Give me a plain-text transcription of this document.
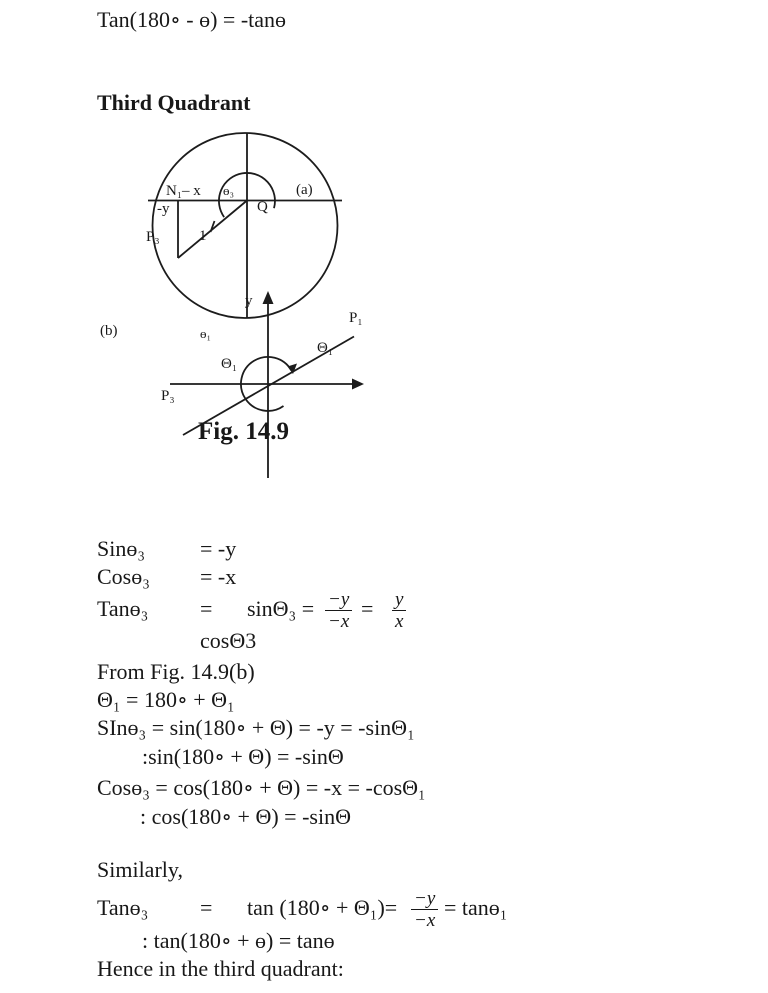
Tan(180∘ - ɵ) = -tanɵ
Third Quadrant
N₁– x
-y
ɵ₃	(a)
Q
P₃	1
y
(b)	ɵ₁
Θ₁
Θ₁
P₁
P₃
Fig. 14.9
Sinɵ₃ = -y
Cosɵ₃ = -x
Tanɵ₃ = $\sin\Theta_3 = \frac{-y}{-x} = \frac{y}{x}$
cosΘ3
From Fig. 14.9(b)
Θ₁ = 180∘ + Θ₁
SInɵ₃ = sin(180∘ + Θ) = -y = -sinΘ₁
:sin(180∘ + Θ) = -sinΘ
Cosɵ₃ = cos(180∘ + Θ) = -x = -cosΘ₁
: cos(180∘ + Θ) = -sinΘ
Similarly,
Tanɵ₃ = tan (180∘ + $\Theta_1)= \frac{-y}{-x}$ = tanɵ₁
: tan(180∘ + ɵ) = tanɵ
Hence in the third quadrant:
